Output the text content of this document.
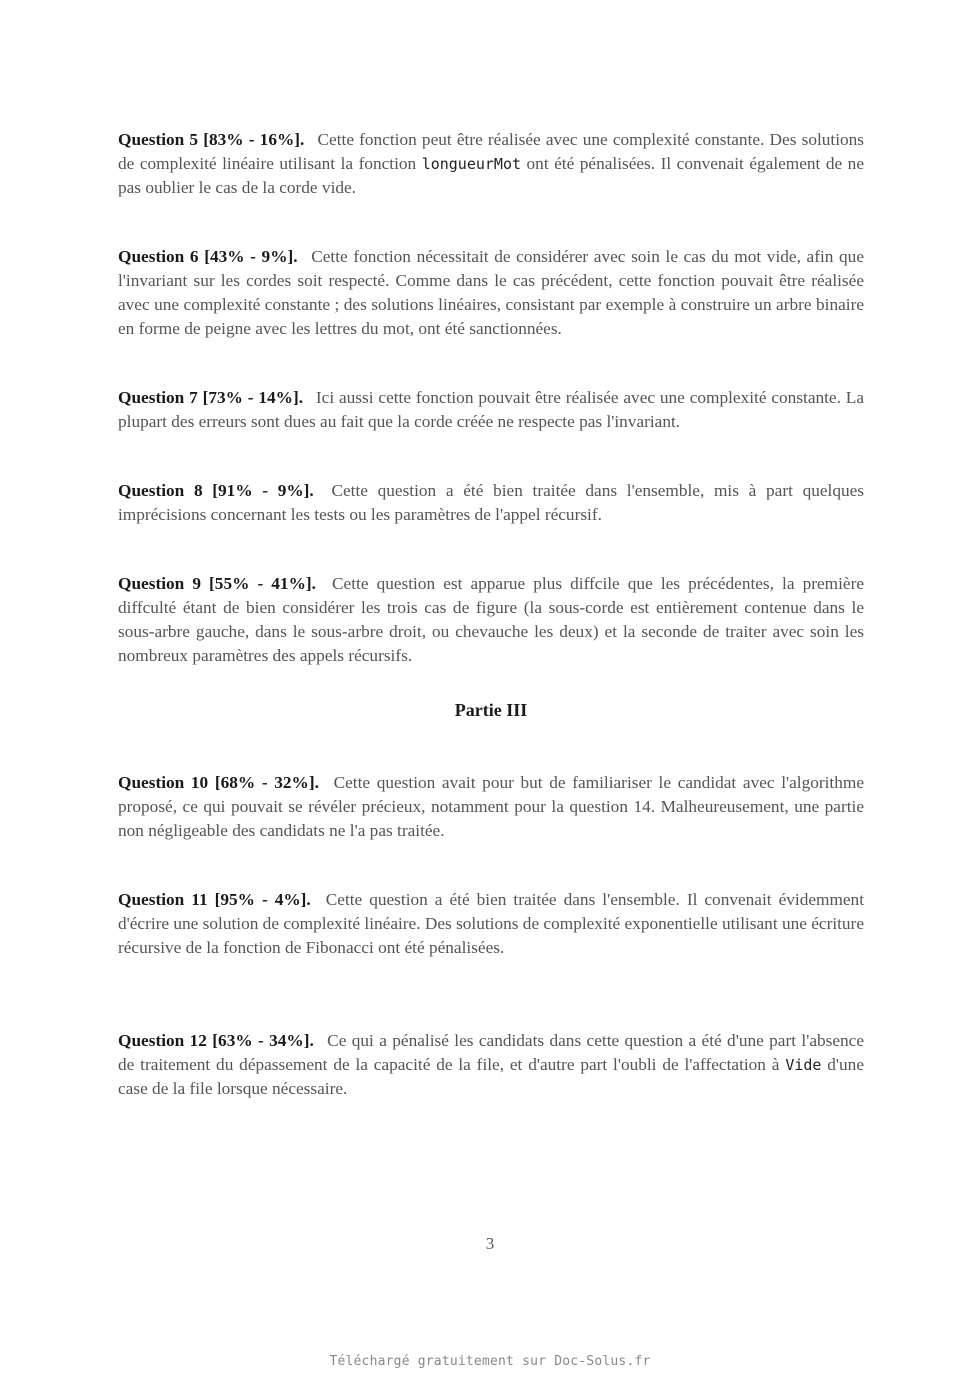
Question 5 [83% - 16%]. Cette fonction peut être réalisée avec une complexité constante. Des solutions de complexité linéaire utilisant la fonction longueurMot ont été pénalisées. Il convenait également de ne pas oublier le cas de la corde vide.

Question 6 [43% - 9%]. Cette fonction nécessitait de considérer avec soin le cas du mot vide, afin que l'invariant sur les cordes soit respecté. Comme dans le cas précédent, cette fonction pouvait être réalisée avec une complexité constante ; des solutions linéaires, consistant par exemple à construire un arbre binaire en forme de peigne avec les lettres du mot, ont été sanctionnées.

Question 7 [73% - 14%]. Ici aussi cette fonction pouvait être réalisée avec une complexité constante. La plupart des erreurs sont dues au fait que la corde créée ne respecte pas l'invariant.

Question 8 [91% - 9%]. Cette question a été bien traitée dans l'ensemble, mis à part quelques imprécisions concernant les tests ou les paramètres de l'appel récursif.

Question 9 [55% - 41%]. Cette question est apparue plus diffcile que les précédentes, la première diffculté étant de bien considérer les trois cas de figure (la sous-corde est entièrement contenue dans le sous-arbre gauche, dans le sous-arbre droit, ou chevauche les deux) et la seconde de traiter avec soin les nombreux paramètres des appels récursifs.

Partie III

Question 10 [68% - 32%]. Cette question avait pour but de familiariser le candidat avec l'algorithme proposé, ce qui pouvait se révéler précieux, notamment pour la question 14. Malheureusement, une partie non négligeable des candidats ne l'a pas traitée.

Question 11 [95% - 4%]. Cette question a été bien traitée dans l'ensemble. Il convenait évidemment d'écrire une solution de complexité linéaire. Des solutions de complexité exponentielle utilisant une écriture récursive de la fonction de Fibonacci ont été pénalisées.

Question 12 [63% - 34%]. Ce qui a pénalisé les candidats dans cette question a été d'une part l'absence de traitement du dépassement de la capacité de la file, et d'autre part l'oubli de l'affectation à Vide d'une case de la file lorsque nécessaire.

3
Téléchargé gratuitement sur Doc-Solus.fr
